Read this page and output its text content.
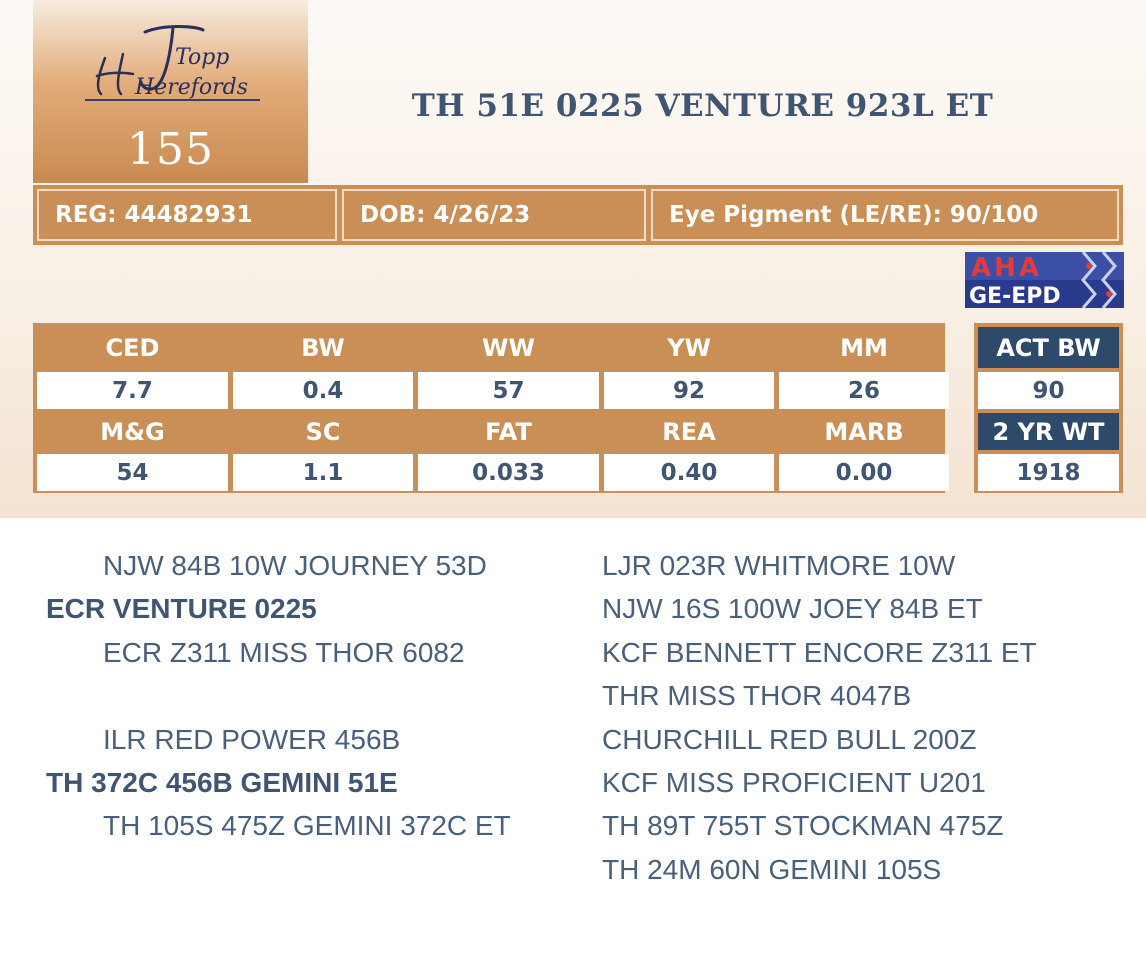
Topp
Herefords
155
TH 51E 0225 VENTURE 923L ET
REG: 44482931	DOB: 4/26/23	Eye Pigment (LE/RE): 90/100
AHA
GE-EPD
CED	BW	WW	YW	MM
7.7	0.4	57	92	26
M&G	SC	FAT	REA	MARB
54	1.1	0.033	0.40	0.00
ACT BW
90
2 YR WT
1918
NJW 84B 10W JOURNEY 53D
ECR VENTURE 0225
ECR Z311 MISS THOR 6082
ILR RED POWER 456B
TH 372C 456B GEMINI 51E
TH 105S 475Z GEMINI 372C ET
LJR 023R WHITMORE 10W
NJW 16S 100W JOEY 84B ET
KCF BENNETT ENCORE Z311 ET
THR MISS THOR 4047B
CHURCHILL RED BULL 200Z
KCF MISS PROFICIENT U201
TH 89T 755T STOCKMAN 475Z
TH 24M 60N GEMINI 105S
